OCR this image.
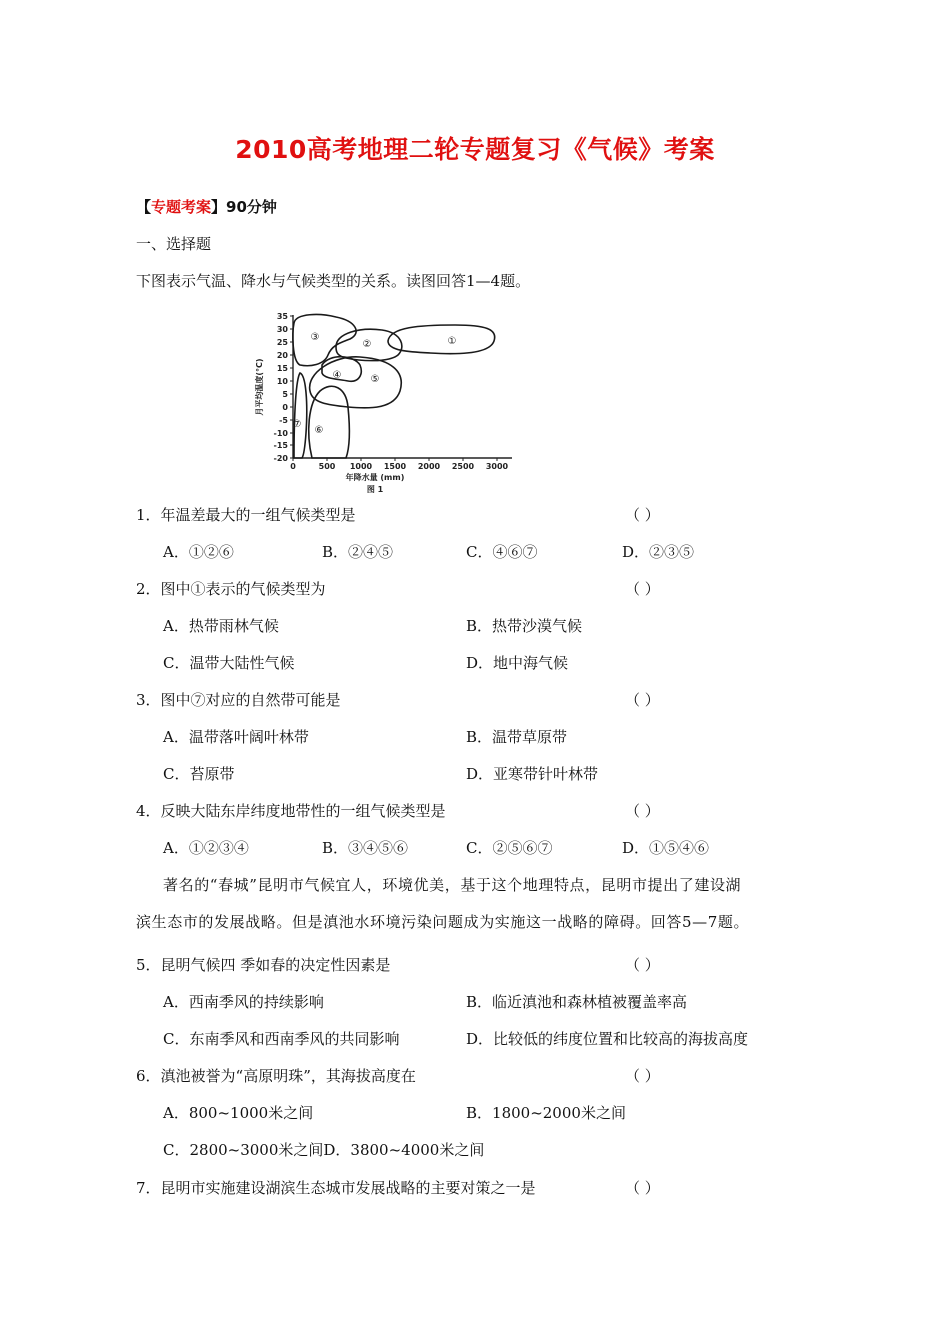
2010高考地理二轮专题复习《气候》考案
【专题考案】90分钟
一、选择题
下图表示气温、降水与气候类型的关系。读图回答1—4题。
35
30
25
20
15
10
5
0
-5
-10
-15
-20
0	500 1000 1500 2000 2500 3000
月平均温度(°C)
年降水量 (mm)
图 1
①
②
③
④	⑤
⑥
⑦
1．年温差最大的一组气候类型是	（ ）
A．①②⑥	B．②④⑤	C．④⑥⑦	D．②③⑤
2．图中①表示的气候类型为	（ ）
A．热带雨林气候	B．热带沙漠气候
C．温带大陆性气候	D．地中海气候
3．图中⑦对应的自然带可能是	（ ）
A．温带落叶阔叶林带	B．温带草原带
C．苔原带	D．亚寒带针叶林带
4．反映大陆东岸纬度地带性的一组气候类型是	（ ）
A．①②③④	B．③④⑤⑥	C．②⑤⑥⑦	D．①⑤④⑥
著名的“春城”昆明市气候宜人，环境优美，基于这个地理特点，昆明市提出了建设湖
滨生态市的发展战略。但是滇池水环境污染问题成为实施这一战略的障碍。回答5—7题。
5．昆明气候四 季如春的决定性因素是	（ ）
A．西南季风的持续影响	B．临近滇池和森林植被覆盖率高
C．东南季风和西南季风的共同影响	D．比较低的纬度位置和比较高的海拔高度
6．滇池被誉为“高原明珠”，其海拔高度在	（ ）
A．800~1000米之间	B．1800~2000米之间
C．2800~3000米之间D．3800~4000米之间
7．昆明市实施建设湖滨生态城市发展战略的主要对策之一是	（ ）
